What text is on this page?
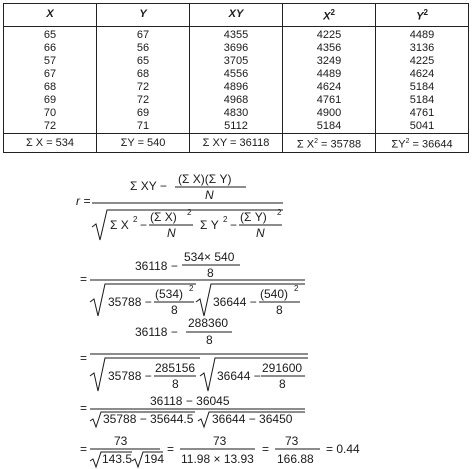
X	Y	XY	$X^2$	$Y^2$
65	67	4355	4225	4489
66	56	3696	4356	3136
57	65	3705	3249	4225
67	68	4556	4489	4624
68	72	4896	4624	5184
69	72	4968	4761	5184
70	69	4830	4900	4761
72	71	5112	5184	5041
Σ X = 534	ΣY = 540	Σ XY = 36118	Σ $X^2 = 35788$	$\Sigma Y^2 = 36644$
r =
Σ XY − (Σ X)(Σ Y)
N
Σ X 2 −
(Σ X) 2
N
Σ Y 2 −
(Σ Y) 2
N
=
36118 −
534× 540
8
35788 −
(534) 2
8
36644 −
(540) 2
8
=
36118 −
288360
8
35788 −
285156
8
36644 −
291600
8
=	36118 − 36045
35788 − 35644.5 36644 − 36450
=
73
143.5 194
=
73
11.98 × 13.93
=
73
166.88
= 0.44
